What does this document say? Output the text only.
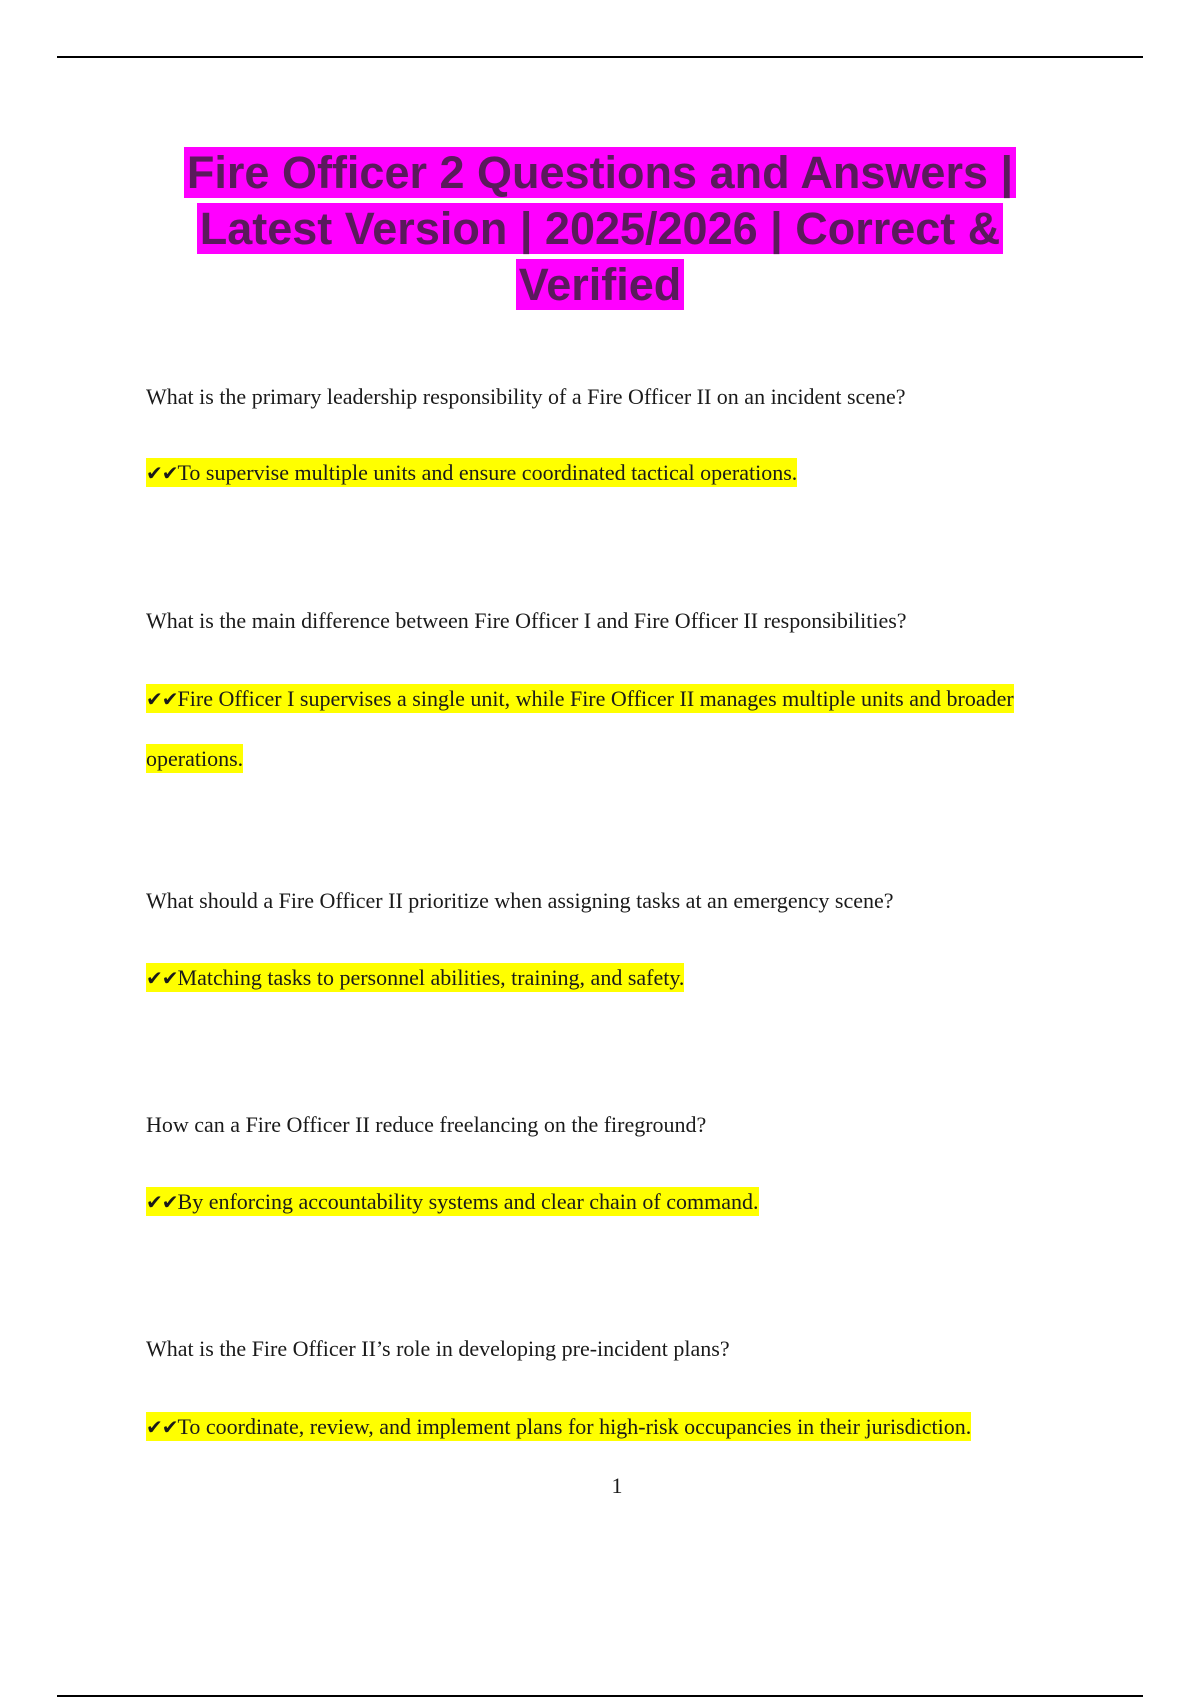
Fire Officer 2 Questions and Answers |
Latest Version | 2025/2026 | Correct &
Verified
What is the primary leadership responsibility of a Fire Officer II on an incident scene?
✔✔To supervise multiple units and ensure coordinated tactical operations.
What is the main difference between Fire Officer I and Fire Officer II responsibilities?
✔✔Fire Officer I supervises a single unit, while Fire Officer II manages multiple units and broader operations.
What should a Fire Officer II prioritize when assigning tasks at an emergency scene?
✔✔Matching tasks to personnel abilities, training, and safety.
How can a Fire Officer II reduce freelancing on the fireground?
✔✔By enforcing accountability systems and clear chain of command.
What is the Fire Officer II’s role in developing pre-incident plans?
✔✔To coordinate, review, and implement plans for high-risk occupancies in their jurisdiction.
1
